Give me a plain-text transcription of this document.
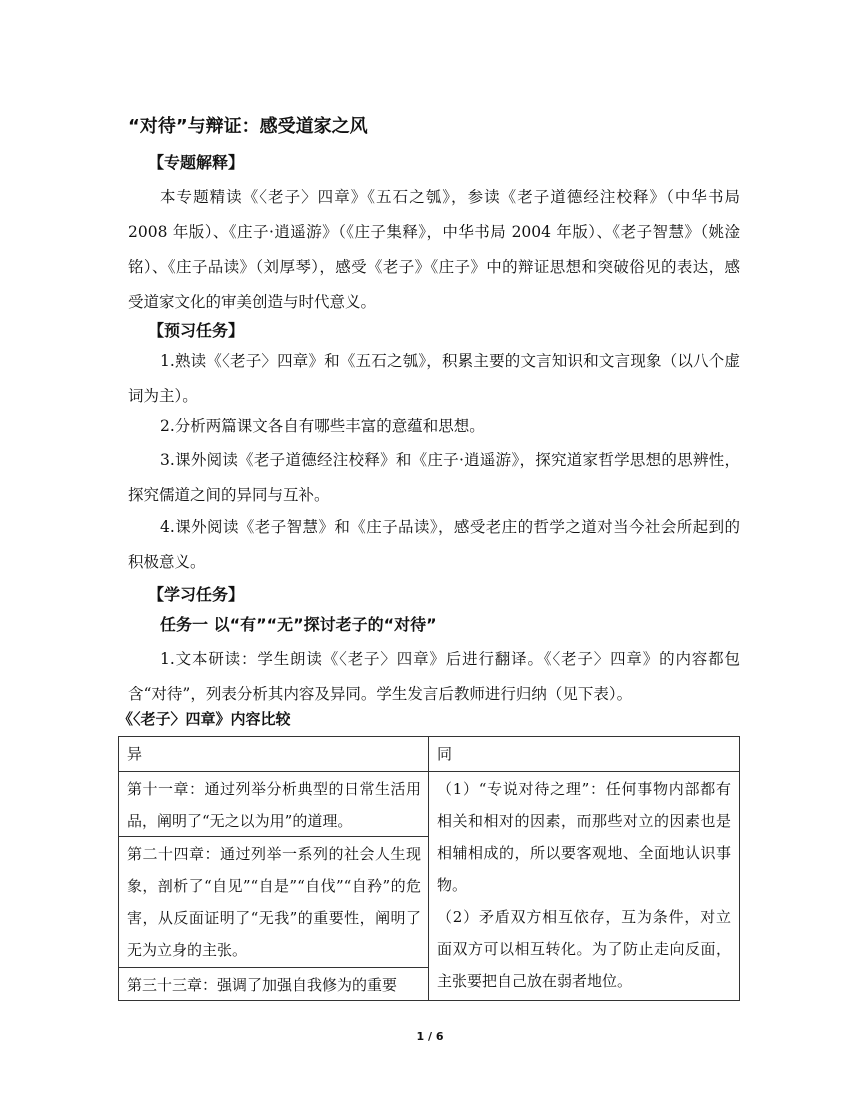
“对待”与辩证：感受道家之风
【专题解释】

本专题精读《〈老子〉四章》《五石之瓠》，参读《老子道德经注校释》（中华书局 2008 年版）、《庄子·逍遥游》（《庄子集释》，中华书局 2004 年版）、《老子智慧》（姚淦铭）、《庄子品读》（刘厚琴），感受《老子》《庄子》中的辩证思想和突破俗见的表达，感受道家文化的审美创造与时代意义。

【预习任务】

1.熟读《〈老子〉四章》和《五石之瓠》，积累主要的文言知识和文言现象（以八个虚词为主）。

2.分析两篇课文各自有哪些丰富的意蕴和思想。

3.课外阅读《老子道德经注校释》和《庄子·逍遥游》，探究道家哲学思想的思辨性，探究儒道之间的异同与互补。

4.课外阅读《老子智慧》和《庄子品读》，感受老庄的哲学之道对当今社会所起到的积极意义。

【学习任务】
任务一 以“有”“无”探讨老子的“对待”

1.文本研读：学生朗读《〈老子〉四章》后进行翻译。《〈老子〉四章》的内容都包含“对待”，列表分析其内容及异同。学生发言后教师进行归纳（见下表）。

《〈老子〉四章》内容比较
异	同
第十一章：通过列举分析典型的日常生活用品，阐明了“无之以为用”的道理。
第二十四章：通过列举一系列的社会人生现象，剖析了“自见”“自是”“自伐”“自矜”的危害，从反面证明了“无我”的重要性，阐明了无为立身的主张。
第三十三章：强调了加强自我修为的重要

（1）“专说对待之理”：任何事物内部都有相关和相对的因素，而那些对立的因素也是相辅相成的，所以要客观地、全面地认识事物。

（2）矛盾双方相互依存，互为条件，对立面双方可以相互转化。为了防止走向反面，主张要把自己放在弱者地位。

1 / 6
